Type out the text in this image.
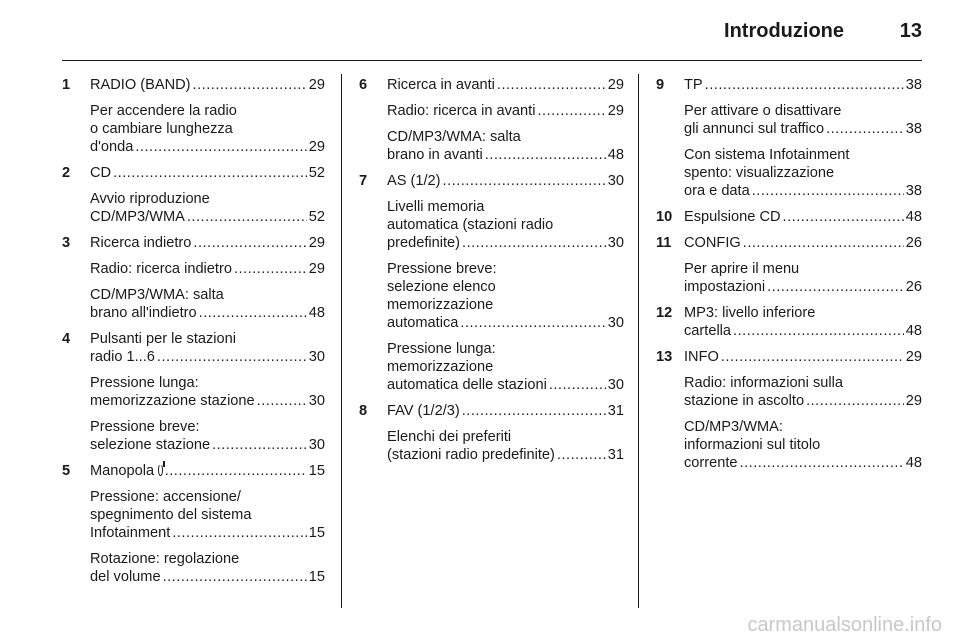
Introduzione	13
1 RADIO (BAND) .....	29
Per accendere la radio
o cambiare lunghezza
d'onda .....	29
2 CD .....	52
Avvio riproduzione
CD/MP3/WMA .....	52
3 Ricerca indietro .....	29
Radio: ricerca indietro .....	29
CD/MP3/WMA: salta
brano all'indietro .....	48
4 Pulsanti per le stazioni
radio 1...6 .....	30
Pressione lunga:
memorizzazione stazione .....	30
Pressione breve:
selezione stazione .....	30
5 Manopola .....	15
Pressione: accensione/
spegnimento del sistema
Infotainment .....	15
Rotazione: regolazione
del volume .....	15
6 Ricerca in avanti .....	29
Radio: ricerca in avanti .....	29
CD/MP3/WMA: salta
brano in avanti .....	48
7 AS (1/2) .....	30
Livelli memoria
automatica (stazioni radio
predefinite) .....	30
Pressione breve:
selezione elenco
memorizzazione
automatica .....	30
Pressione lunga:
memorizzazione
automatica delle stazioni .....	30
8 FAV (1/2/3) .....	31
Elenchi dei preferiti
(stazioni radio predefinite) .....	31
9 TP .....	38
Per attivare o disattivare
gli annunci sul traffico .....	38
Con sistema Infotainment
spento: visualizzazione
ora e data .....	38
10 Espulsione CD .....	48
11 CONFIG .....	26
Per aprire il menu
impostazioni .....	26
12 MP3: livello inferiore
cartella .....	48
13 INFO .....	29
Radio: informazioni sulla
stazione in ascolto .....	29
CD/MP3/WMA:
informazioni sul titolo
corrente .....	48
carmanualsonline.info
